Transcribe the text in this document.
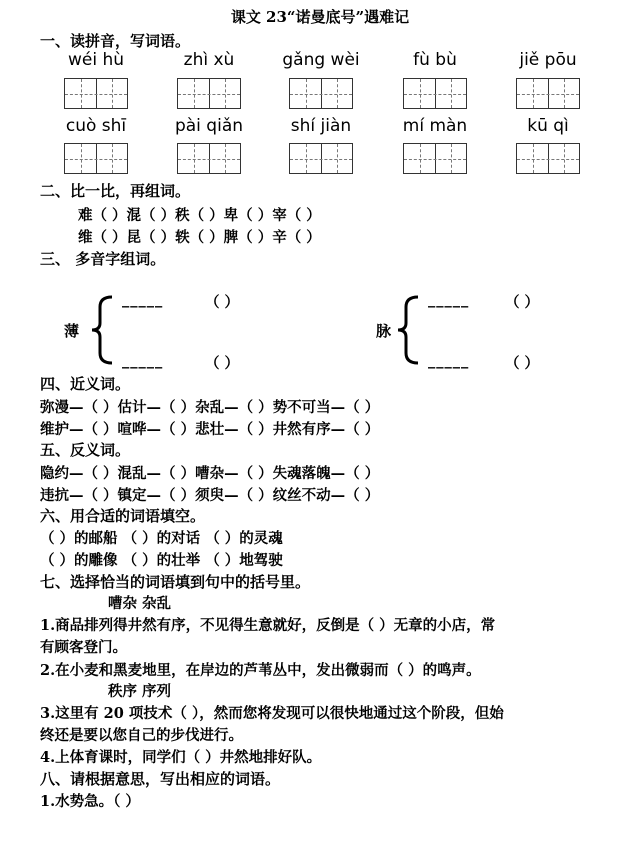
课文 23“诺曼底号”遇难记
一、读拼音，写词语。
wéi hù	zhì xù	gǎng wèi	fù bù	jiě pōu
cuò shī	pài qiǎn	shí jiàn	mí màn	kū qì
二、比一比，再组词。
难（ ）混（ ）秩（ ）卑（ ）宰（ ）
维（ ）昆（ ）轶（ ）脾（ ）辛（ ）
三、 多音字组词。
薄
_____	（ ）
_____	（ ）
脉
_____ （ ）
_____ （ ）
四、近义词。
弥漫—（ ）估计—（ ）杂乱—（ ）势不可当—（ ）
维护—（ ）喧哗—（ ）悲壮—（ ）井然有序—（ ）
五、反义词。
隐约—（ ）混乱—（ ）嘈杂—（ ）失魂落魄—（ ）
违抗—（ ）镇定—（ ）须臾—（ ）纹丝不动—（ ）
六、用合适的词语填空。
（ ）的邮船 （ ）的对话 （ ）的灵魂
（ ）的雕像 （ ）的壮举 （ ）地驾驶
七、选择恰当的词语填到句中的括号里。
嘈杂 杂乱
1.商品排列得井然有序，不见得生意就好，反倒是（ ）无章的小店，常
有顾客登门。
2.在小麦和黑麦地里，在岸边的芦苇丛中，发出微弱而（ ）的鸣声。
秩序 序列
3.这里有 20 项技术（ ），然而您将发现可以很快地通过这个阶段，但始
终还是要以您自己的步伐进行。
4.上体育课时，同学们（ ）井然地排好队。
八、请根据意思，写出相应的词语。
1.水势急。（ ）
